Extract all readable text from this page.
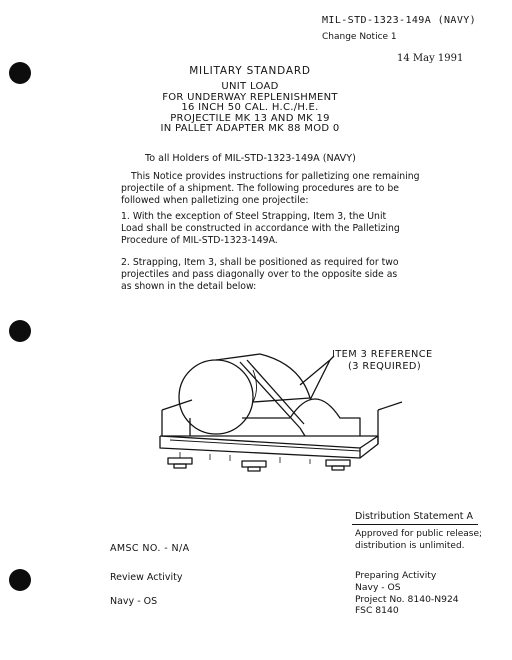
MIL-STD-1323-149A (NAVY)
Change Notice 1
14 May 1991
MILITARY STANDARD
UNIT LOAD
FOR UNDERWAY REPLENISHMENT
16 INCH 50 CAL. H.C./H.E.
PROJECTILE MK 13 AND MK 19
IN PALLET ADAPTER MK 88 MOD 0
To all Holders of MIL-STD-1323-149A (NAVY)
This Notice provides instructions for palletizing one remaining
projectile of a shipment. The following procedures are to be
followed when palletizing one projectile:
1. With the exception of Steel Strapping, Item 3, the Unit
Load shall be constructed in accordance with the Palletizing
Procedure of MIL-STD-1323-149A.
2. Strapping, Item 3, shall be positioned as required for two
projectiles and pass diagonally over to the opposite side as
as shown in the detail below:
ITEM 3 REFERENCE
(3 REQUIRED)
Distribution Statement A
Approved for public release;
distribution is unlimited.
AMSC NO. - N/A
Review Activity
Navy - OS
Preparing Activity
Navy - OS
Project No. 8140-N924
FSC 8140
